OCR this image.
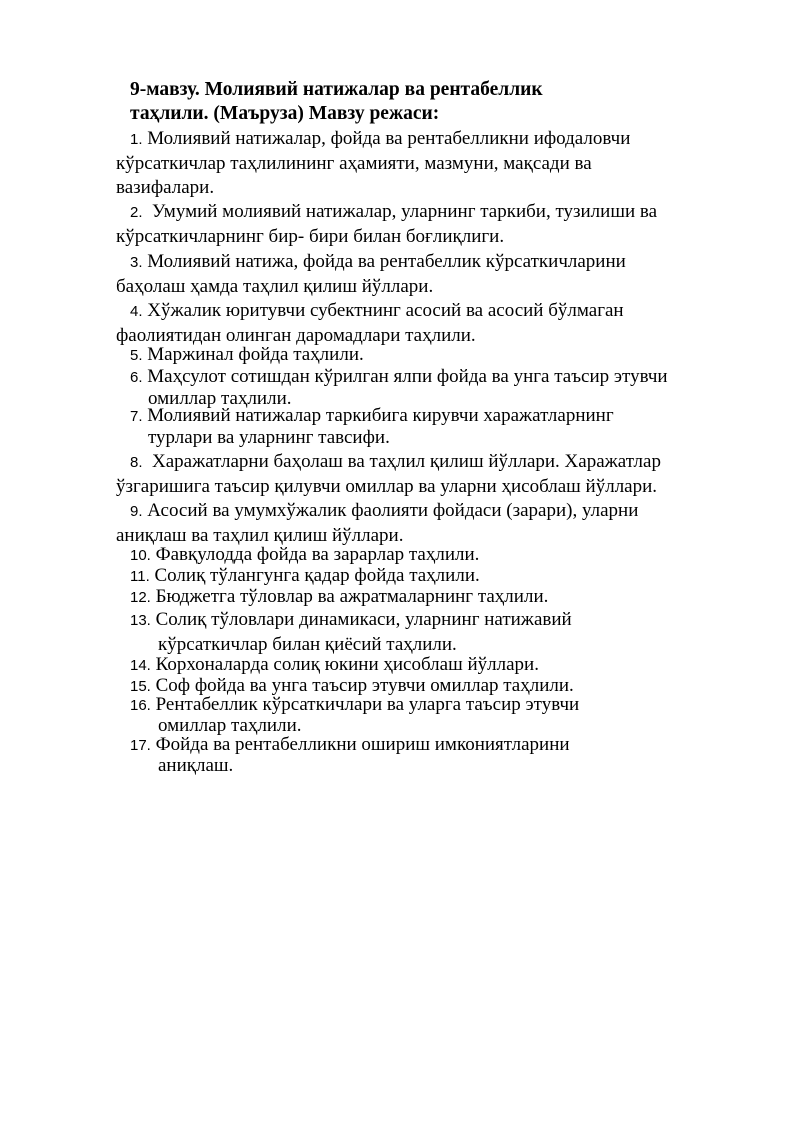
9-мавзу. Молиявий натижалар ва рентабеллик
таҳлили. (Маъруза) Мавзу режаси:
1. Молиявий натижалар, фойда ва рентабелликни ифодаловчи
кўрсаткичлар таҳлилининг аҳамияти, мазмуни, мақсади ва
вазифалари.
2. Умумий молиявий натижалар, уларнинг таркиби, тузилиши ва
кўрсаткичларнинг бир- бири билан боғлиқлиги.
3. Молиявий натижа, фойда ва рентабеллик кўрсаткичларини
баҳолаш ҳамда таҳлил қилиш йўллари.
4. Хўжалик юритувчи субектнинг асосий ва асосий бўлмаган
фаолиятидан олинган даромадлари таҳлили.
5. Маржинал фойда таҳлили.
6. Маҳсулот сотишдан кўрилган ялпи фойда ва унга таъсир этувчи
омиллар таҳлили.
7. Молиявий натижалар таркибига кирувчи харажатларнинг
турлари ва уларнинг тавсифи.
8. Харажатларни баҳолаш ва таҳлил қилиш йўллари. Харажатлар
ўзгаришига таъсир қилувчи омиллар ва уларни ҳисоблаш йўллари.
9. Асосий ва умумхўжалик фаолияти фойдаси (зарари), уларни
аниқлаш ва таҳлил қилиш йўллари.
10. Фавқулодда фойда ва зарарлар таҳлили.
11. Солиқ тўлангунга қадар фойда таҳлили.
12. Бюджетга тўловлар ва ажратмаларнинг таҳлили.
13. Солиқ тўловлари динамикаси, уларнинг натижавий
кўрсаткичлар билан қиёсий таҳлили.
14. Корхоналарда солиқ юкини ҳисоблаш йўллари.
15. Соф фойда ва унга таъсир этувчи омиллар таҳлили.
16. Рентабеллик кўрсаткичлари ва уларга таъсир этувчи
омиллар таҳлили.
17. Фойда ва рентабелликни ошириш имкониятларини
аниқлаш.
